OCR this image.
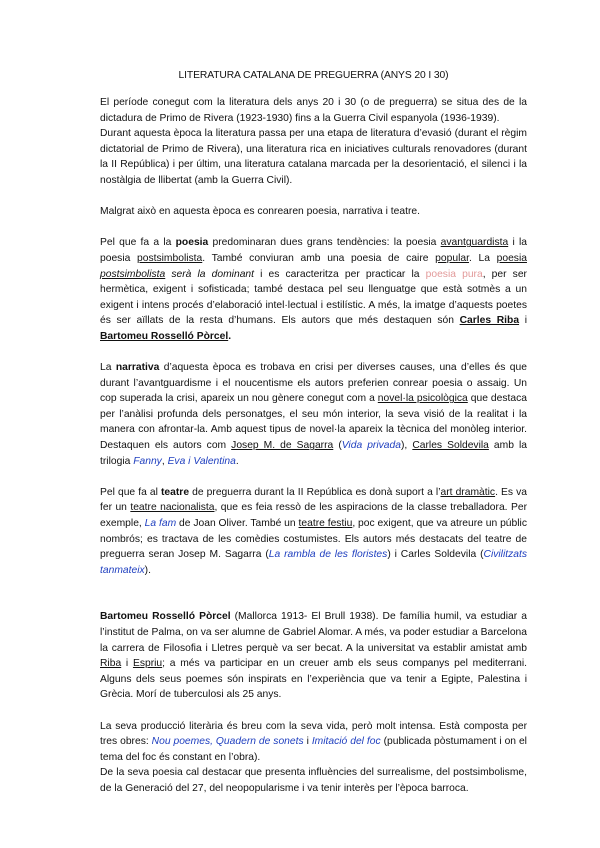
LITERATURA CATALANA DE PREGUERRA (ANYS 20 I 30)

El període conegut com la literatura dels anys 20 i 30 (o de preguerra) se situa des de la dictadura de Primo de Rivera (1923-1930) fins a la Guerra Civil espanyola (1936-1939).

Durant aquesta època la literatura passa per una etapa de literatura d’evasió (durant el règim dictatorial de Primo de Rivera), una literatura rica en iniciatives culturals renovadores (durant la II República) i per últim, una literatura catalana marcada per la desorientació, el silenci i la nostàlgia de llibertat (amb la Guerra Civil).

Malgrat això en aquesta època es conrearen poesia, narrativa i teatre.

Pel que fa a la poesia predominaran dues grans tendències: la poesia avantguardista i la poesia postsimbolista. També conviuran amb una poesia de caire popular. La poesia postsimbolista serà la dominant i es caracteritza per practicar la poesia pura, per ser hermètica, exigent i sofisticada; també destaca pel seu llenguatge que està sotmès a un exigent i intens procés d’elaboració intel·lectual i estilístic. A més, la imatge d’aquests poetes és ser aïllats de la resta d’humans. Els autors que més destaquen són Carles Riba i Bartomeu Rosselló Pòrcel.

La narrativa d’aquesta època es trobava en crisi per diverses causes, una d’elles és que durant l’avantguardisme i el noucentisme els autors preferien conrear poesia o assaig. Un cop superada la crisi, apareix un nou gènere conegut com a novel·la psicològica que destaca per l’anàlisi profunda dels personatges, el seu món interior, la seva visió de la realitat i la manera con afrontar-la. Amb aquest tipus de novel·la apareix la tècnica del monòleg interior. Destaquen els autors com Josep M. de Sagarra (Vida privada), Carles Soldevila amb la trilogia Fanny, Eva i Valentina.

Pel que fa al teatre de preguerra durant la II República es donà suport a l’art dramàtic. Es va fer un teatre nacionalista, que es feia ressò de les aspiracions de la classe treballadora. Per exemple, La fam de Joan Oliver. També un teatre festiu, poc exigent, que va atreure un públic nombrós; es tractava de les comèdies costumistes. Els autors més destacats del teatre de preguerra seran Josep M. Sagarra (La rambla de les floristes) i Carles Soldevila (Civilitzats tanmateix).

Bartomeu Rosselló Pòrcel (Mallorca 1913- El Brull 1938). De família humil, va estudiar a l’institut de Palma, on va ser alumne de Gabriel Alomar. A més, va poder estudiar a Barcelona la carrera de Filosofia i Lletres perquè va ser becat. A la universitat va establir amistat amb Riba i Espriu; a més va participar en un creuer amb els seus companys pel mediterrani. Alguns dels seus poemes són inspirats en l’experiència que va tenir a Egipte, Palestina i Grècia. Morí de tuberculosi als 25 anys.

La seva producció literària és breu com la seva vida, però molt intensa. Està composta per tres obres: Nou poemes, Quadern de sonets i Imitació del foc (publicada pòstumament i on el tema del foc és constant en l’obra).

De la seva poesia cal destacar que presenta influències del surrealisme, del postsimbolisme, de la Generació del 27, del neopopularisme i va tenir interès per l’època barroca.
